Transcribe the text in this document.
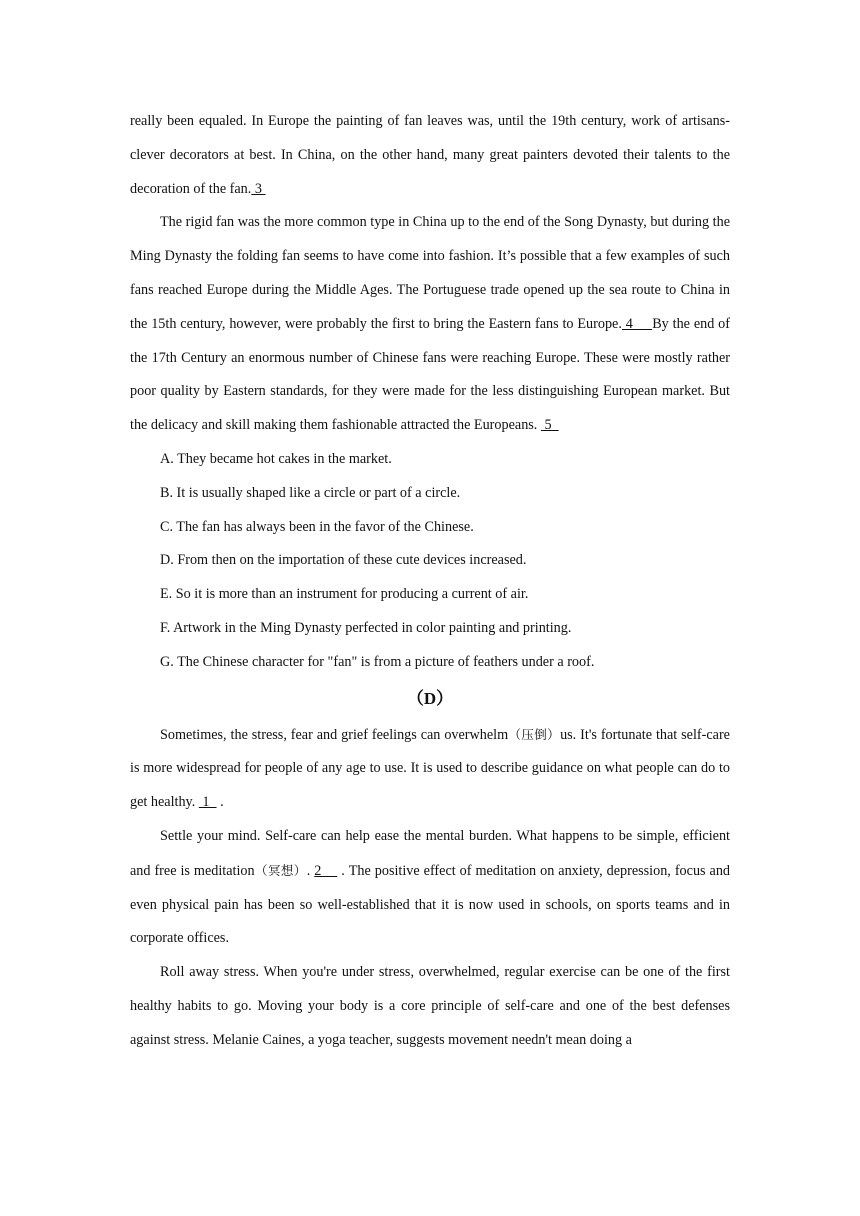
really been equaled. In Europe the painting of fan leaves was, until the 19th century, work of artisans-clever decorators at best. In China, on the other hand, many great painters devoted their talents to the decoration of the fan. 3

The rigid fan was the more common type in China up to the end of the Song Dynasty, but during the Ming Dynasty the folding fan seems to have come into fashion. It’s possible that a few examples of such fans reached Europe during the Middle Ages. The Portuguese trade opened up the sea route to China in the 15th century, however, were probably the first to bring the Eastern fans to Europe. 4     By the end of the 17th Century an enormous number of Chinese fans were reaching Europe. These were mostly rather poor quality by Eastern standards, for they were made for the less distinguishing European market. But the delicacy and skill making them fashionable attracted the Europeans.  5

A. They became hot cakes in the market.

B. It is usually shaped like a circle or part of a circle.

C. The fan has always been in the favor of the Chinese.

D. From then on the importation of these cute devices increased.

E. So it is more than an instrument for producing a current of air.

F. Artwork in the Ming Dynasty perfected in color painting and printing.

G. The Chinese character for "fan" is from a picture of feathers under a roof.

（D）

Sometimes, the stress, fear and grief feelings can overwhelm（压倒）us. It's fortunate that self-care is more widespread for people of any age to use. It is used to describe guidance on what people can do to get healthy.  1   .

Settle your mind. Self-care can help ease the mental burden. What happens to be simple, efficient and free is meditation（冥想）. 2     . The positive effect of meditation on anxiety, depression, focus and even physical pain has been so well-established that it is now used in schools, on sports teams and in corporate offices.

Roll away stress. When you're under stress, overwhelmed, regular exercise can be one of the first healthy habits to go. Moving your body is a core principle of self-care and one of the best defenses against stress. Melanie Caines, a yoga teacher, suggests movement needn't mean doing a
